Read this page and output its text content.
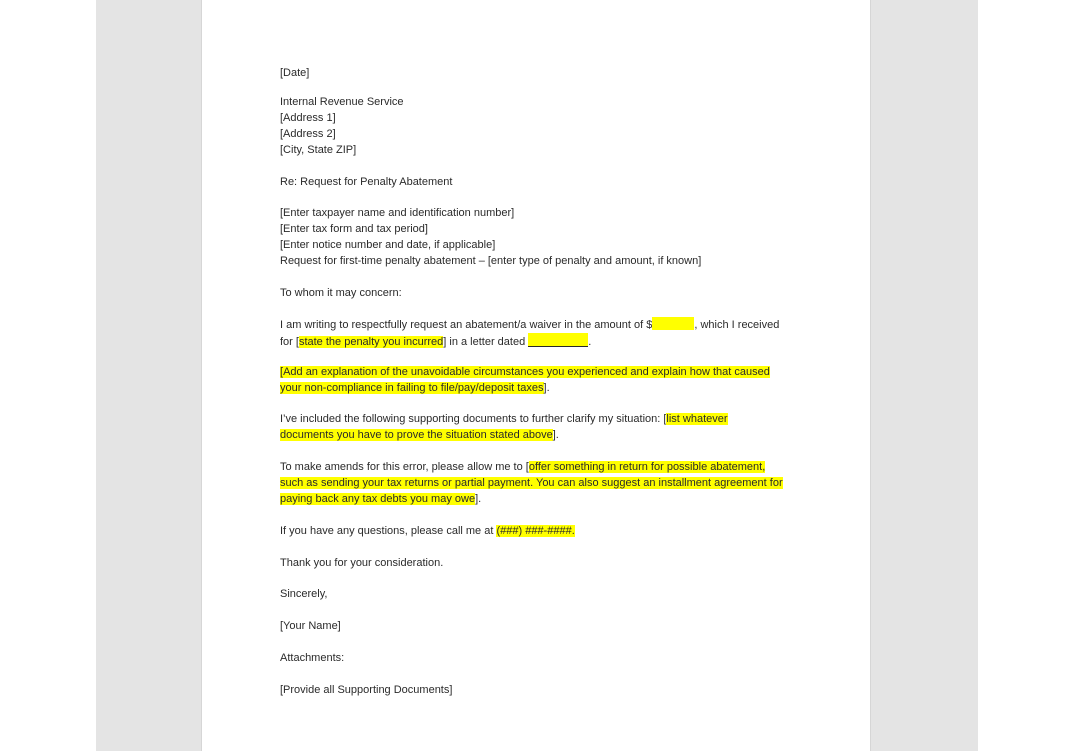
[Date]
Internal Revenue Service
[Address 1]
[Address 2]
[City, State ZIP]
Re: Request for Penalty Abatement
[Enter taxpayer name and identification number]
[Enter tax form and tax period]
[Enter notice number and date, if applicable]
Request for first-time penalty abatement – [enter type of penalty and amount, if known]
To whom it may concern:
I am writing to respectfully request an abatement/a waiver in the amount of $	, which I received
for [state the penalty you incurred] in a letter dated	.
[Add an explanation of the unavoidable circumstances you experienced and explain how that caused
your non-compliance in failing to file/pay/deposit taxes].
I’ve included the following supporting documents to further clarify my situation: [list whatever
documents you have to prove the situation stated above].
To make amends for this error, please allow me to [offer something in return for possible abatement,
such as sending your tax returns or partial payment. You can also suggest an installment agreement for
paying back any tax debts you may owe].
If you have any questions, please call me at (###) ###-####.
Thank you for your consideration.
Sincerely,
[Your Name]
Attachments:
[Provide all Supporting Documents]
